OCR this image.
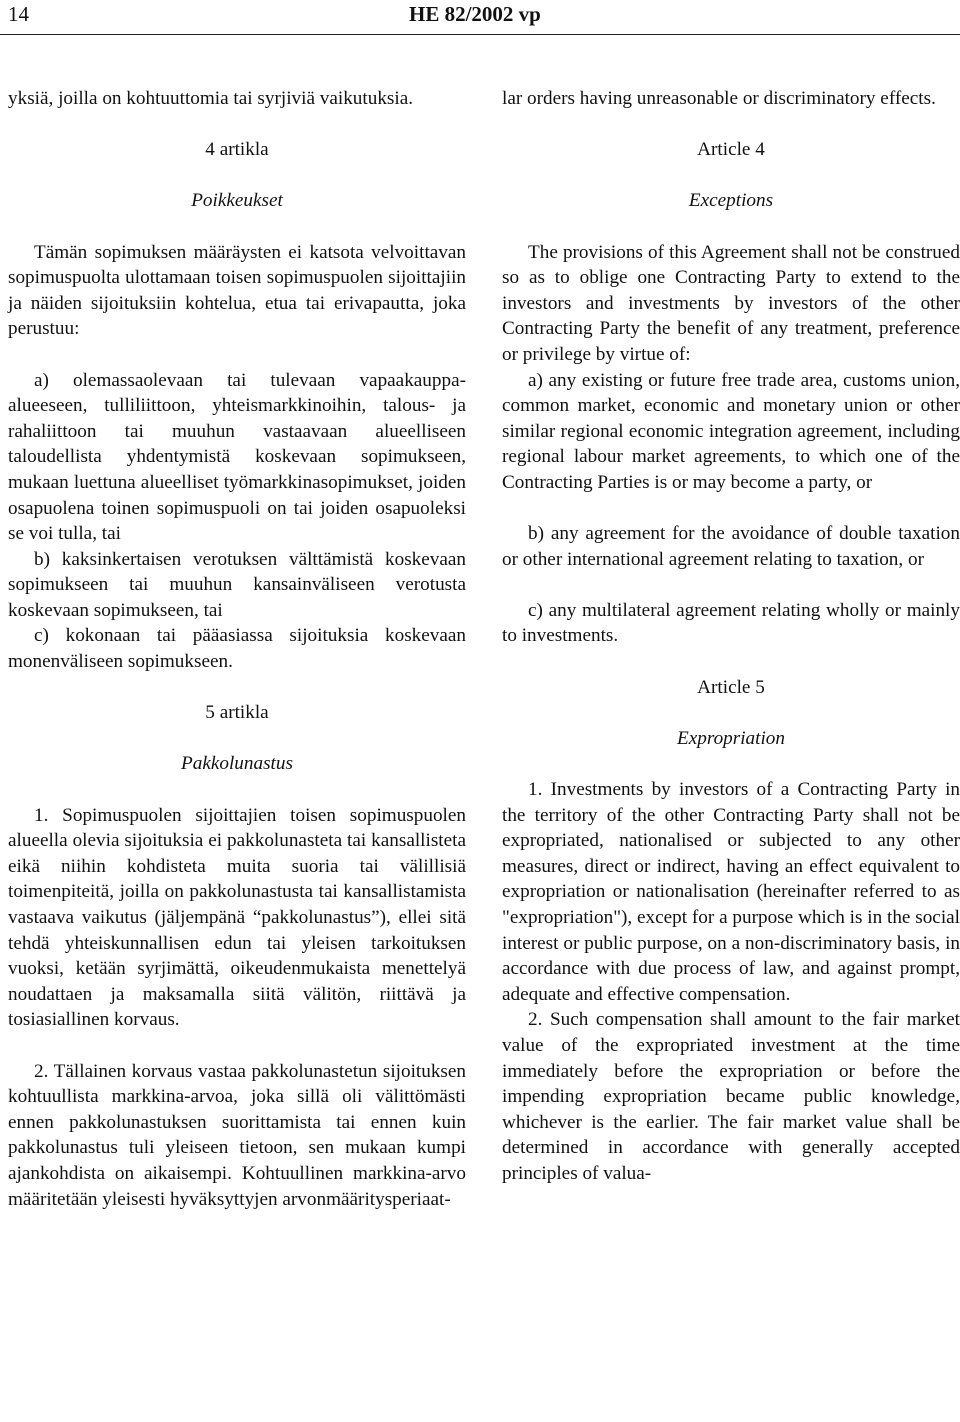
14	HE 82/2002 vp

yksiä, joilla on kohtuuttomia tai syrjiviä vaikutuksia.

4 artikla

Poikkeukset

Tämän sopimuksen määräysten ei katsota velvoittavan sopimuspuolta ulottamaan toisen sopimuspuolen sijoittajiin ja näiden sijoituksiin kohtelua, etua tai erivapautta, joka perustuu:

a) olemassaolevaan tai tulevaan vapaakauppa-alueeseen, tulliliittoon, yhteismarkkinoihin, talous- ja rahaliittoon tai muuhun vastaavaan alueelliseen taloudellista yhdentymistä koskevaan sopimukseen, mukaan luettuna alueelliset työmarkkinasopimukset, joiden osapuolena toinen sopimuspuoli on tai joiden osapuoleksi se voi tulla, tai

b) kaksinkertaisen verotuksen välttämistä koskevaan sopimukseen tai muuhun kansainväliseen verotusta koskevaan sopimukseen, tai

c) kokonaan tai pääasiassa sijoituksia koskevaan monenväliseen sopimukseen.

5 artikla

Pakkolunastus

1. Sopimuspuolen sijoittajien toisen sopimuspuolen alueella olevia sijoituksia ei pakkolunasteta tai kansallisteta eikä niihin kohdisteta muita suoria tai välillisiä toimenpiteitä, joilla on pakkolunastusta tai kansallistamista vastaava vaikutus (jäljempänä “pakkolunastus”), ellei sitä tehdä yhteiskunnallisen edun tai yleisen tarkoituksen vuoksi, ketään syrjimättä, oikeudenmukaista menettelyä noudattaen ja maksamalla siitä välitön, riittävä ja tosiasiallinen korvaus.

2. Tällainen korvaus vastaa pakkolunastetun sijoituksen kohtuullista markkina-arvoa, joka sillä oli välittömästi ennen pakkolunastuksen suorittamista tai ennen kuin pakkolunastus tuli yleiseen tietoon, sen mukaan kumpi ajankohdista on aikaisempi. Kohtuullinen markkina-arvo määritetään yleisesti hyväksyttyjen arvonmääritysperiaat-

lar orders having unreasonable or discriminatory effects.

Article 4

Exceptions

The provisions of this Agreement shall not be construed so as to oblige one Contracting Party to extend to the investors and investments by investors of the other Contracting Party the benefit of any treatment, preference or privilege by virtue of:

a) any existing or future free trade area, customs union, common market, economic and monetary union or other similar regional economic integration agreement, including regional labour market agreements, to which one of the Contracting Parties is or may become a party, or

b) any agreement for the avoidance of double taxation or other international agreement relating to taxation, or

c) any multilateral agreement relating wholly or mainly to investments.

Article 5

Expropriation

1. Investments by investors of a Contracting Party in the territory of the other Contracting Party shall not be expropriated, nationalised or subjected to any other measures, direct or indirect, having an effect equivalent to expropriation or nationalisation (hereinafter referred to as "expropriation"), except for a purpose which is in the social interest or public purpose, on a non-discriminatory basis, in accordance with due process of law, and against prompt, adequate and effective compensation.

2. Such compensation shall amount to the fair market value of the expropriated investment at the time immediately before the expropriation or before the impending expropriation became public knowledge, whichever is the earlier. The fair market value shall be determined in accordance with generally accepted principles of valua-
